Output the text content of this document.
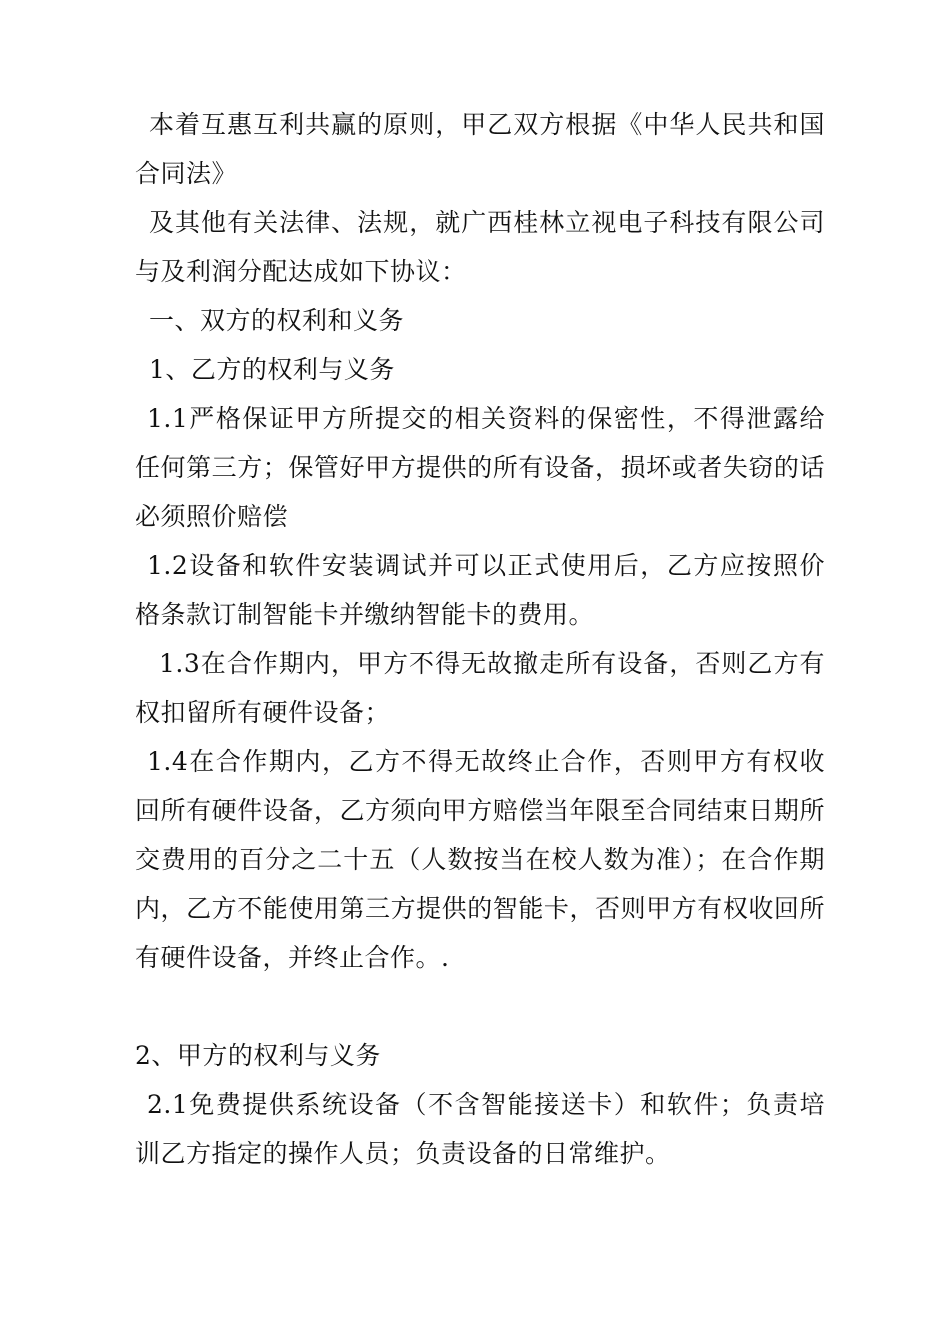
本着互惠互利共赢的原则，甲乙双方根据《中华人民共和国合同法》

及其他有关法律、法规，就广西桂林立视电子科技有限公司与及利润分配达成如下协议：

一、双方的权利和义务

1、乙方的权利与义务

1.1严格保证甲方所提交的相关资料的保密性，不得泄露给任何第三方；保管好甲方提供的所有设备，损坏或者失窃的话必须照价赔偿

1.2设备和软件安装调试并可以正式使用后，乙方应按照价格条款订制智能卡并缴纳智能卡的费用。

1.3在合作期内，甲方不得无故撤走所有设备，否则乙方有权扣留所有硬件设备；

1.4在合作期内，乙方不得无故终止合作，否则甲方有权收回所有硬件设备，乙方须向甲方赔偿当年限至合同结束日期所交费用的百分之二十五（人数按当在校人数为准）；在合作期内，乙方不能使用第三方提供的智能卡，否则甲方有权收回所有硬件设备，并终止合作。.

2、甲方的权利与义务

2.1免费提供系统设备（不含智能接送卡）和软件；负责培训乙方指定的操作人员；负责设备的日常维护。
